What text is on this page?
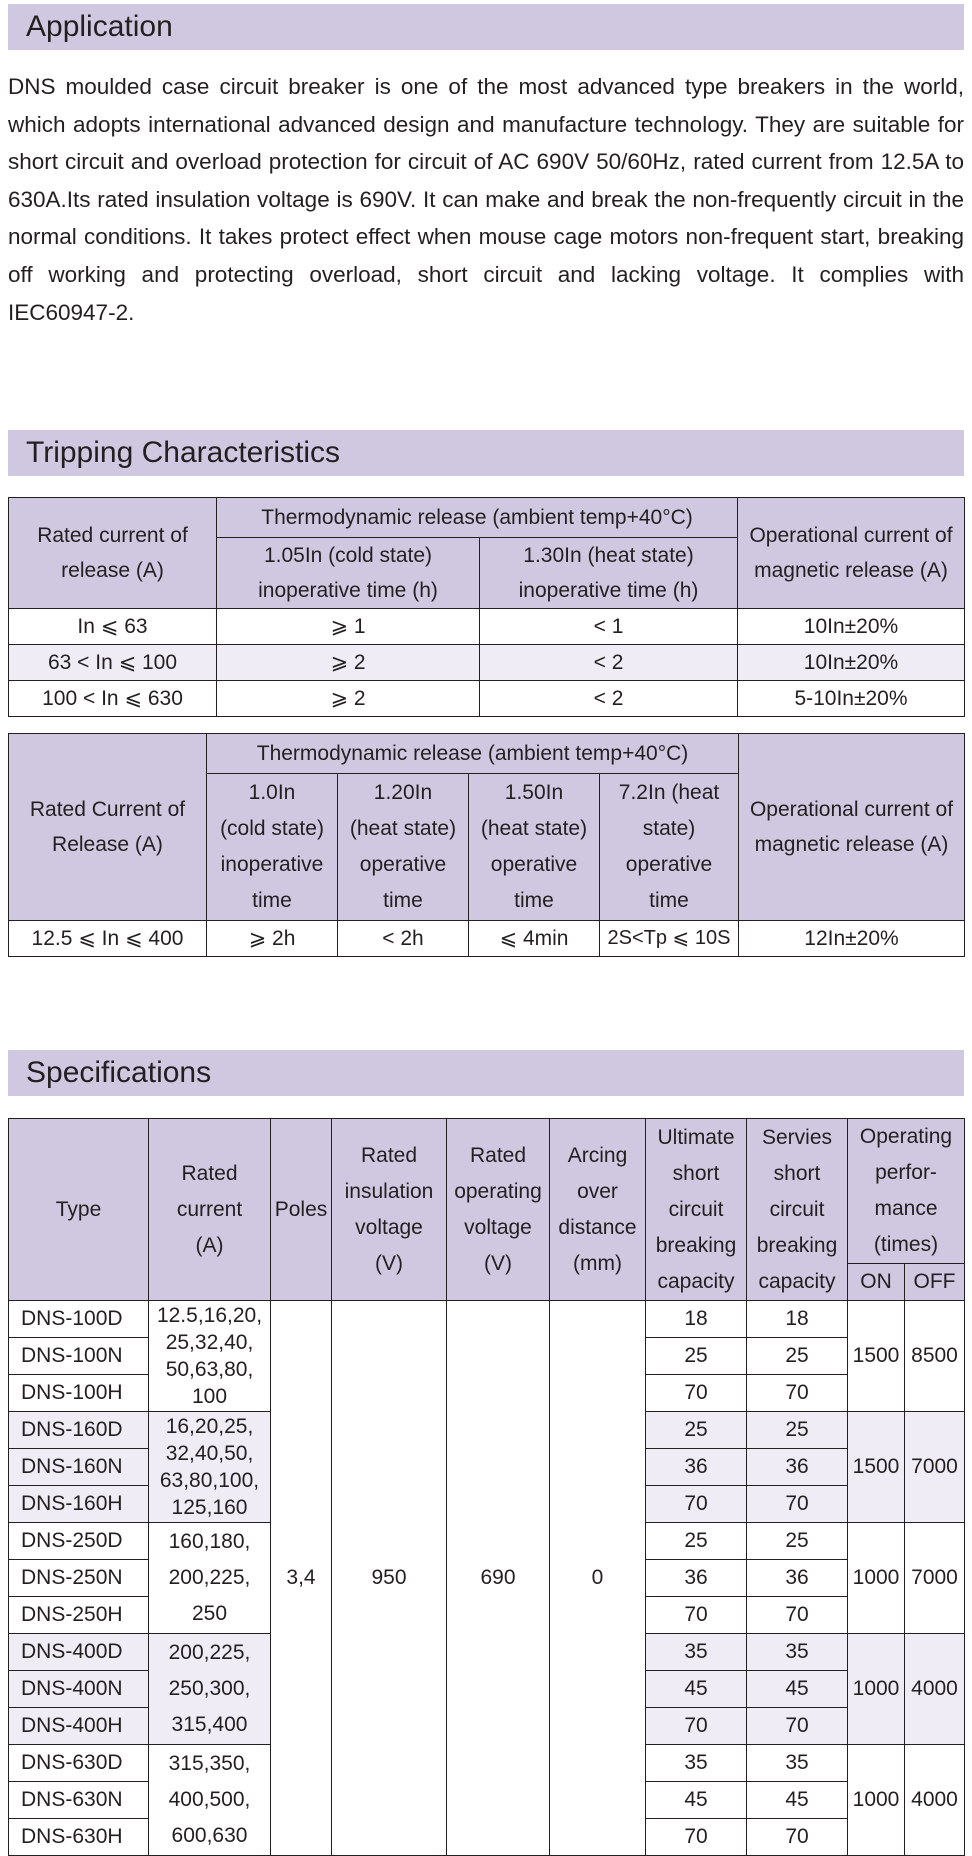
Application

DNS moulded case circuit breaker is one of the most advanced type breakers in the world, which adopts international advanced design and manufacture technology. They are suitable for short circuit and overload protection for circuit of AC 690V 50/60Hz, rated current from 12.5A to 630A.Its rated insulation voltage is 690V. It can make and break the non-frequently circuit in the normal conditions. It takes protect effect when mouse cage motors non-frequent start, breaking off working and protecting overload, short circuit and lacking voltage. It complies with IEC60947-2.

Tripping Characteristics
Rated current of release (A)	Thermodynamic release (ambient temp+40°C)		Operational current of magnetic release (A)
	1.05In (cold state) inoperative time (h)	1.30In (heat state) inoperative time (h)	
In ⩽ 63	⩾ 1	< 1	10In±20%
63 < In ⩽ 100	⩾ 2	< 2	10In±20%
100 < In ⩽ 630	⩾ 2	< 2	5-10In±20%
Rated Current of Release (A)	Thermodynamic release (ambient temp+40°C)				Operational current of magnetic release (A)

	1.0In
(cold state)
inoperative
time	1.20In
(heat state)
operative
time	1.50In
(heat state)
operative
time	7.2In (heat
state)
operative
time	

12.5 ⩽ In ⩽ 400	⩾ 2h	< 2h	⩽ 4min	2S<Tp ⩽ 10S	12In±20%
Specifications
Type	Rated
current
(A)	Poles	Rated
insulation
voltage
(V)	Rated
operating
voltage
(V)	Arcing
over
distance
(mm)	Ultimate
short
circuit
breaking
capacity	Servies
short
circuit
breaking
capacity	Operating
perfor-
mance
(times)	

								ON	OFF
DNS-100D	12.5,16,20,
25,32,40,
50,63,80,
100	3,4	950	690	0	18	18	1500	8500
DNS-100N						25	25		
DNS-100H						70	70		
DNS-160D	16,20,25,
32,40,50,
63,80,100,
125,160					25	25	1500	7000
DNS-160N						36	36		
DNS-160H						70	70		
DNS-250D	160,180,
200,225,
250					25	25	1000	7000
DNS-250N						36	36		
DNS-250H						70	70		
DNS-400D	200,225,
250,300,
315,400					35	35	1000	4000
DNS-400N						45	45		
DNS-400H						70	70		
DNS-630D	315,350,
400,500,
600,630					35	35	1000	4000
DNS-630N						45	45		
DNS-630H						70	70		
